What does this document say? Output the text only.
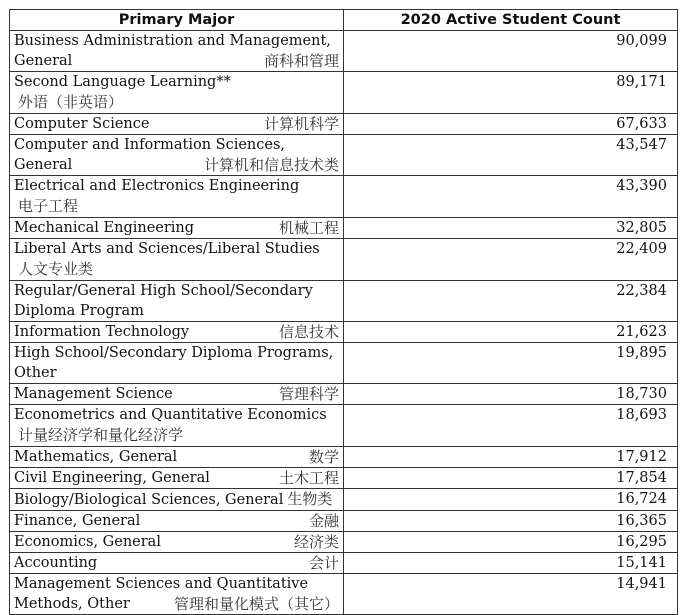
Primary Major	2020 Active Student Count
Business Administration and Management,
General 商科和管理	90,099
Second Language Learning**外语（非英语）	89,171
Computer Science 计算机科学	67,633
Computer and Information Sciences,
General 计算机和信息技术类	43,547
Electrical and Electronics Engineering电子工程	43,390
Mechanical Engineering 机械工程	32,805
Liberal Arts and Sciences/Liberal Studies人文专业类	22,409
Regular/General High School/Secondary
Diploma Program	22,384
Information Technology 信息技术	21,623
High School/Secondary Diploma Programs,
Other	19,895
Management Science 管理科学	18,730
Econometrics and Quantitative Economics计量经济学和量化经济学	18,693
Mathematics, General 数学	17,912
Civil Engineering, General 土木工程	17,854
Biology/Biological Sciences, General 生物类	16,724
Finance, General 金融	16,365
Economics, General 经济类	16,295
Accounting 会计	15,141
Management Sciences and Quantitative
Methods, Other 管理和量化模式（其它）	14,941
